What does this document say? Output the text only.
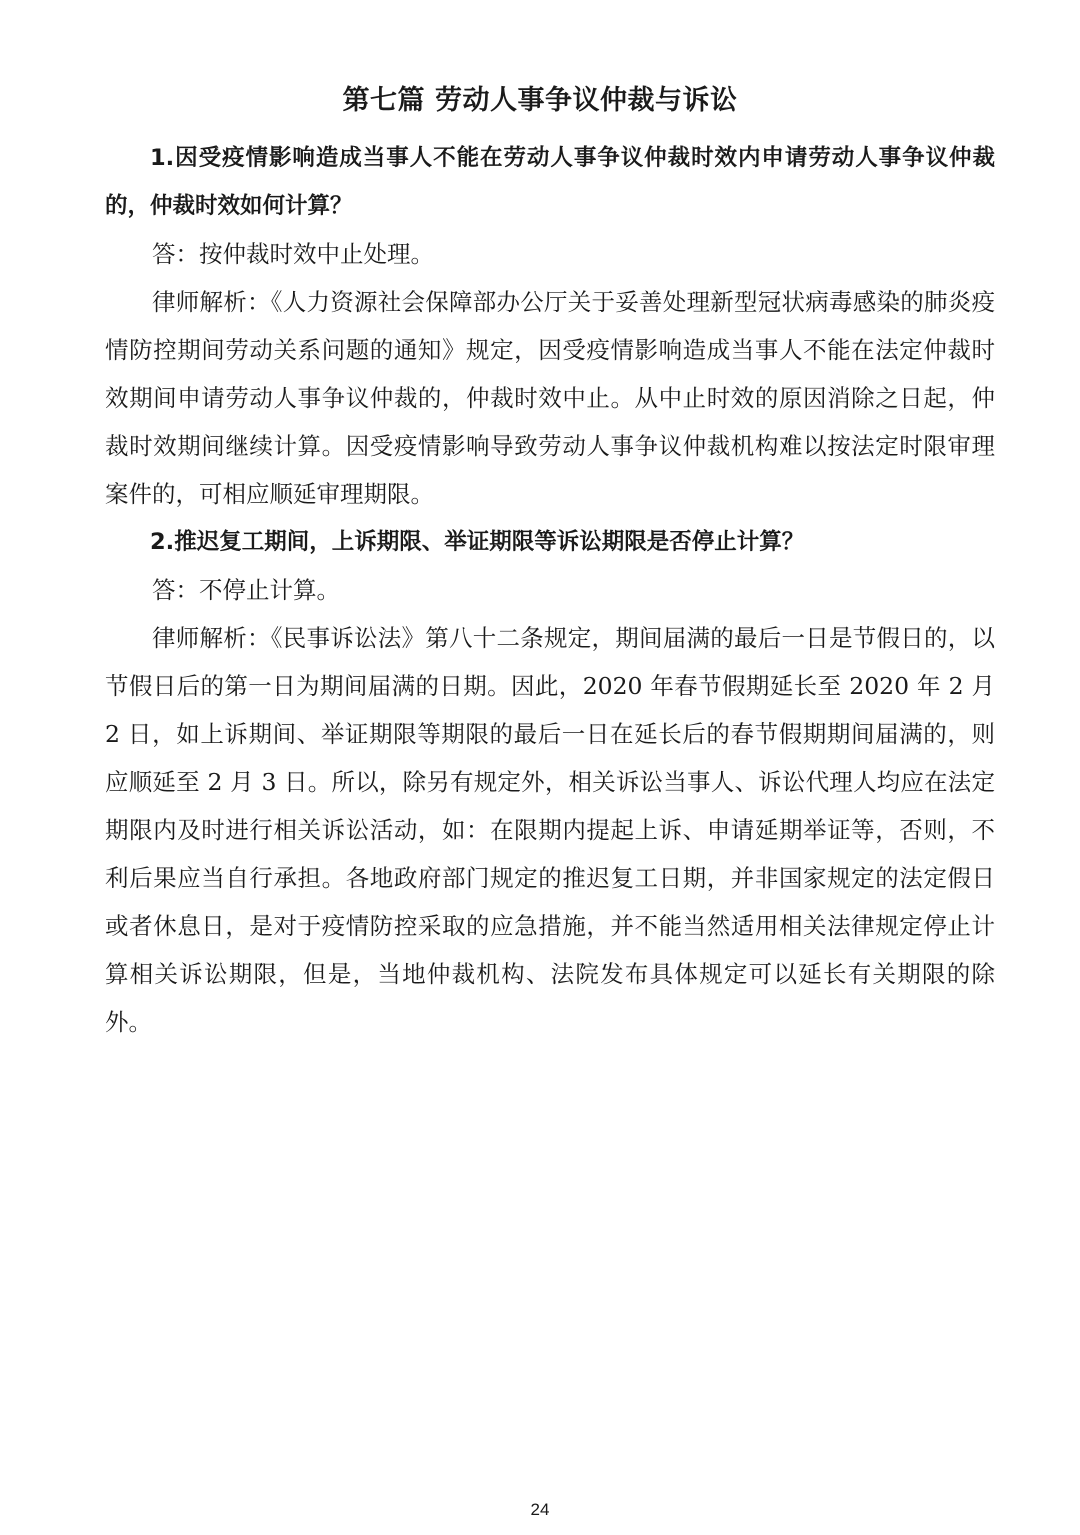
第七篇 劳动人事争议仲裁与诉讼

1.因受疫情影响造成当事人不能在劳动人事争议仲裁时效内申请劳动人事争议仲裁的，仲裁时效如何计算？

答：按仲裁时效中止处理。

律师解析：《人力资源社会保障部办公厅关于妥善处理新型冠状病毒感染的肺炎疫情防控期间劳动关系问题的通知》规定，因受疫情影响造成当事人不能在法定仲裁时效期间申请劳动人事争议仲裁的，仲裁时效中止。从中止时效的原因消除之日起，仲裁时效期间继续计算。因受疫情影响导致劳动人事争议仲裁机构难以按法定时限审理案件的，可相应顺延审理期限。

2.推迟复工期间，上诉期限、举证期限等诉讼期限是否停止计算？

答：不停止计算。

律师解析：《民事诉讼法》第八十二条规定，期间届满的最后一日是节假日的，以节假日后的第一日为期间届满的日期。因此，2020 年春节假期延长至 2020 年 2 月 2 日，如上诉期间、举证期限等期限的最后一日在延长后的春节假期期间届满的，则应顺延至 2 月 3 日。所以，除另有规定外，相关诉讼当事人、诉讼代理人均应在法定期限内及时进行相关诉讼活动，如：在限期内提起上诉、申请延期举证等，否则，不利后果应当自行承担。各地政府部门规定的推迟复工日期，并非国家规定的法定假日或者休息日，是对于疫情防控采取的应急措施，并不能当然适用相关法律规定停止计算相关诉讼期限，但是，当地仲裁机构、法院发布具体规定可以延长有关期限的除外。

24
